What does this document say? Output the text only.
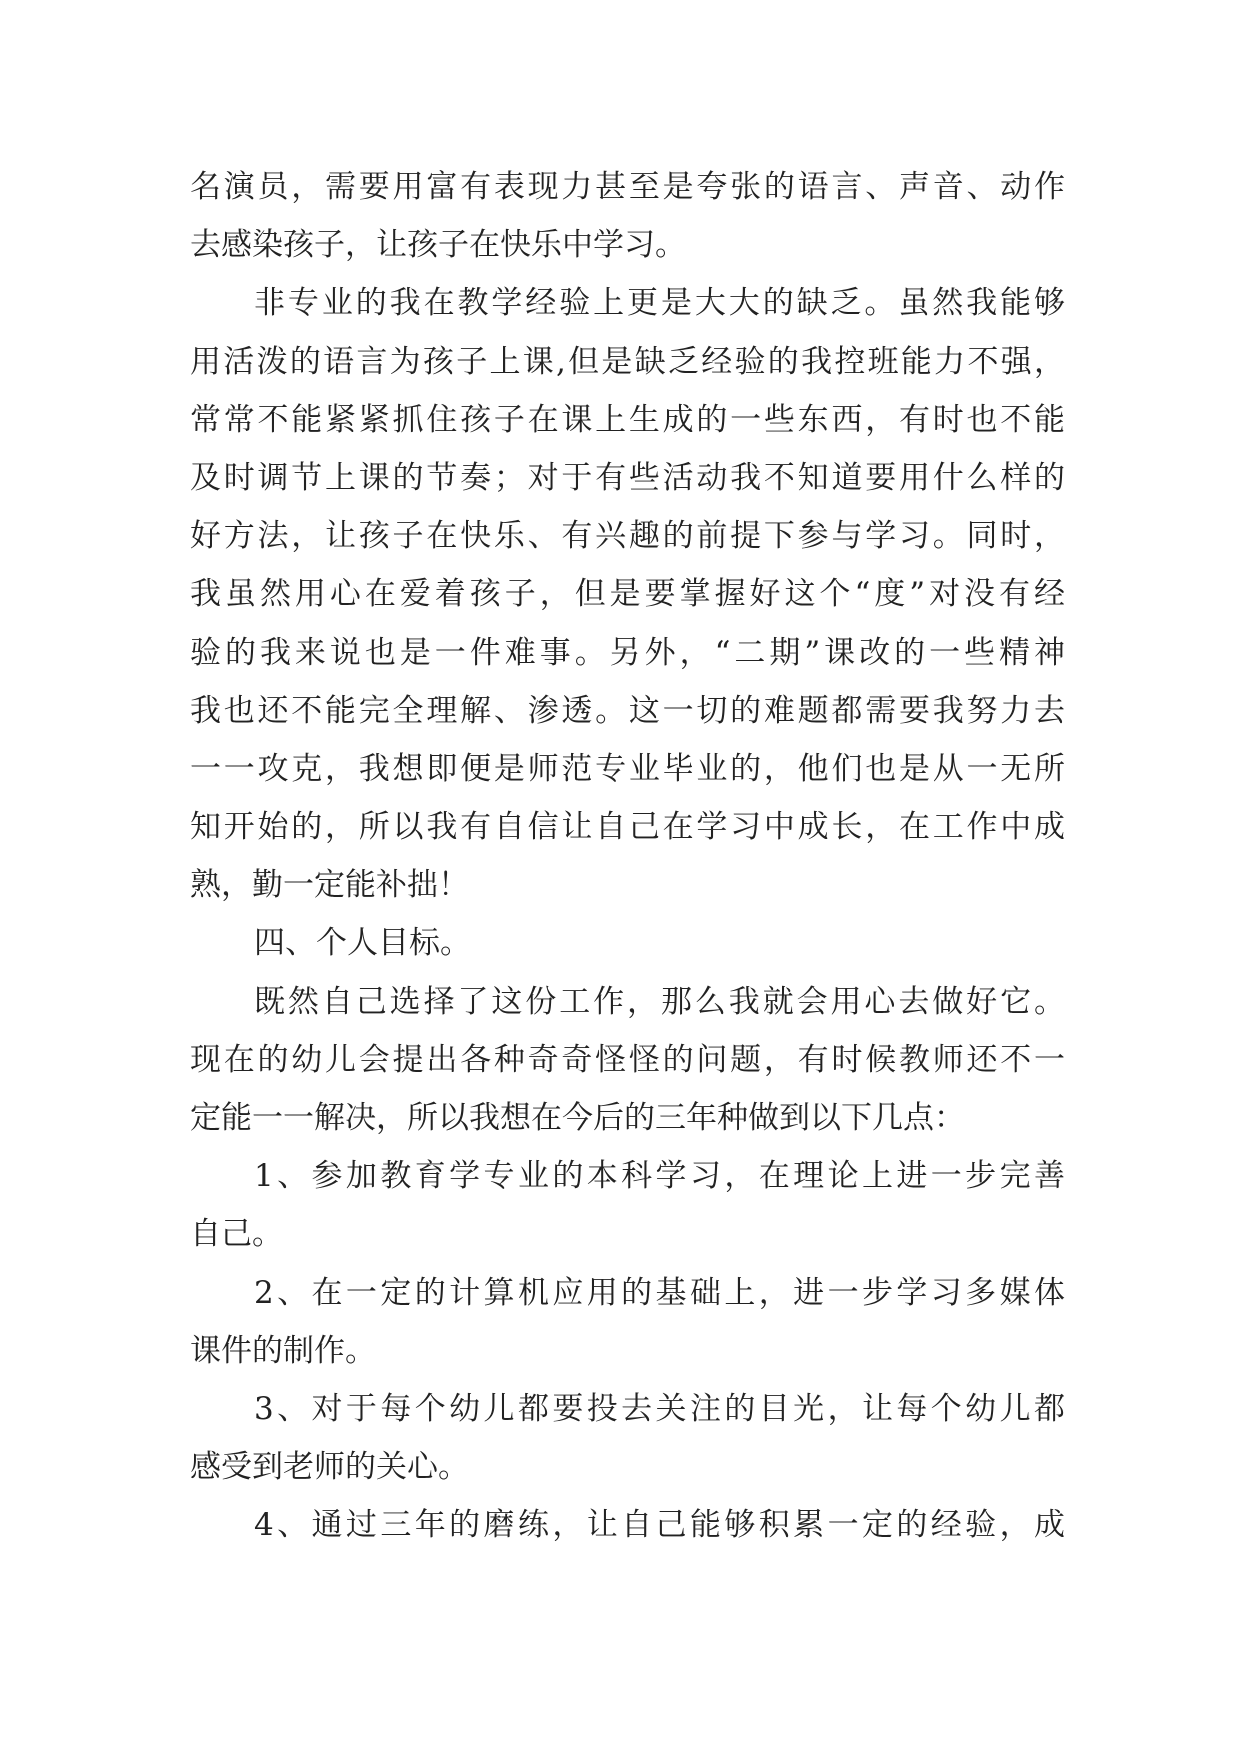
名演员，需要用富有表现力甚至是夸张的语言、声音、动作
去感染孩子，让孩子在快乐中学习。
非专业的我在教学经验上更是大大的缺乏。虽然我能够
用活泼的语言为孩子上课,但是缺乏经验的我控班能力不强，
常常不能紧紧抓住孩子在课上生成的一些东西，有时也不能
及时调节上课的节奏；对于有些活动我不知道要用什么样的
好方法，让孩子在快乐、有兴趣的前提下参与学习。同时，
我虽然用心在爱着孩子，但是要掌握好这个“度”对没有经
验的我来说也是一件难事。另外，“二期”课改的一些精神
我也还不能完全理解、渗透。这一切的难题都需要我努力去
一一攻克，我想即便是师范专业毕业的，他们也是从一无所
知开始的，所以我有自信让自己在学习中成长，在工作中成
熟，勤一定能补拙！
四、个人目标。
既然自己选择了这份工作，那么我就会用心去做好它。
现在的幼儿会提出各种奇奇怪怪的问题，有时候教师还不一
定能一一解决，所以我想在今后的三年种做到以下几点：
1、参加教育学专业的本科学习，在理论上进一步完善
自己。
2、在一定的计算机应用的基础上，进一步学习多媒体
课件的制作。
3、对于每个幼儿都要投去关注的目光，让每个幼儿都
感受到老师的关心。
4、通过三年的磨练，让自己能够积累一定的经验，成
